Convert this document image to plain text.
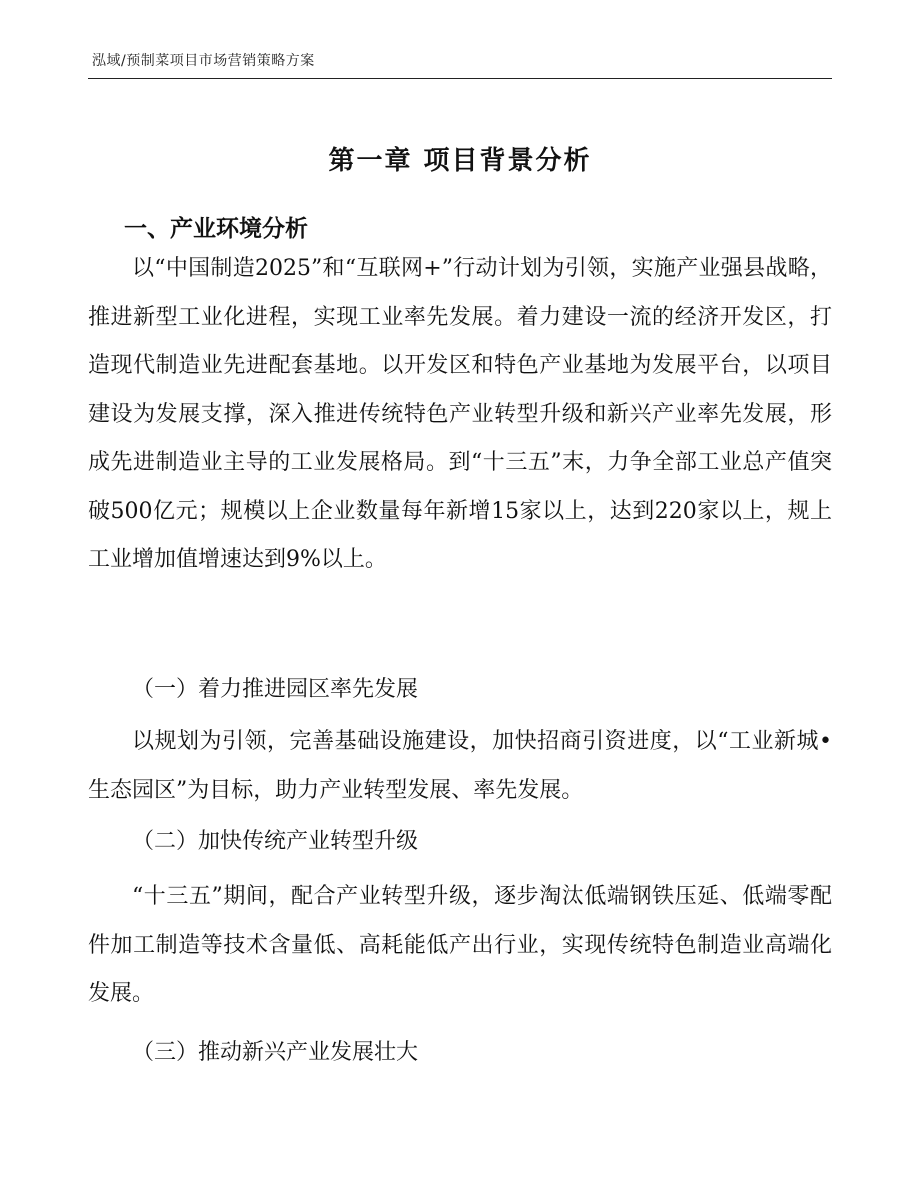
泓域/预制菜项目市场营销策略方案
第一章 项目背景分析
一、产业环境分析

以“中国制造2025”和“互联网+”行动计划为引领，实施产业强县战略，推进新型工业化进程，实现工业率先发展。着力建设一流的经济开发区，打造现代制造业先进配套基地。以开发区和特色产业基地为发展平台，以项目建设为发展支撑，深入推进传统特色产业转型升级和新兴产业率先发展，形成先进制造业主导的工业发展格局。到“十三五”末，力争全部工业总产值突破500亿元；规模以上企业数量每年新增15家以上，达到220家以上，规上工业增加值增速达到9%以上。

（一）着力推进园区率先发展

以规划为引领，完善基础设施建设，加快招商引资进度，以“工业新城•生态园区”为目标，助力产业转型发展、率先发展。

（二）加快传统产业转型升级

“十三五”期间，配合产业转型升级，逐步淘汰低端钢铁压延、低端零配件加工制造等技术含量低、高耗能低产出行业，实现传统特色制造业高端化发展。

（三）推动新兴产业发展壮大
